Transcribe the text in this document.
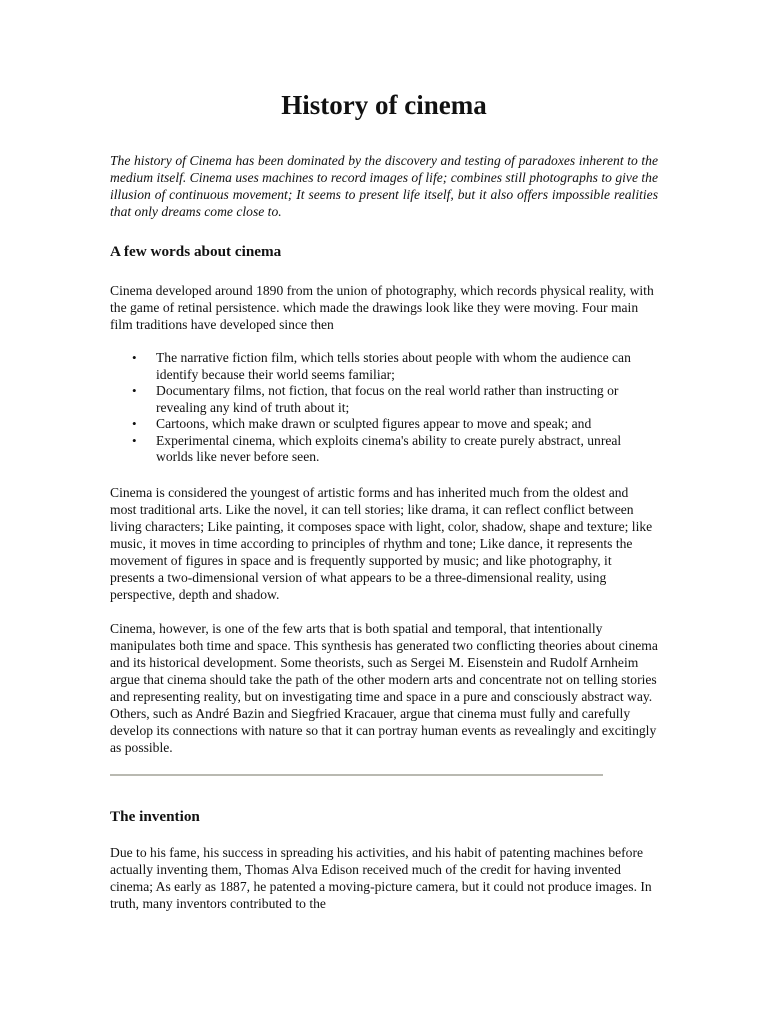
History of cinema

The history of Cinema has been dominated by the discovery and testing of paradoxes inherent to the medium itself. Cinema uses machines to record images of life; combines still photographs to give the illusion of continuous movement; It seems to present life itself, but it also offers impossible realities that only dreams come close to.

A few words about cinema

Cinema developed around 1890 from the union of photography, which records physical reality, with the game of retinal persistence. which made the drawings look like they were moving. Four main film traditions have developed since then

• The narrative fiction film, which tells stories about people with whom the audience can identify because their world seems familiar;
• Documentary films, not fiction, that focus on the real world rather than instructing or revealing any kind of truth about it;
• Cartoons, which make drawn or sculpted figures appear to move and speak; and
• Experimental cinema, which exploits cinema's ability to create purely abstract, unreal worlds like never before seen.

Cinema is considered the youngest of artistic forms and has inherited much from the oldest and most traditional arts. Like the novel, it can tell stories; like drama, it can reflect conflict between living characters; Like painting, it composes space with light, color, shadow, shape and texture; like music, it moves in time according to principles of rhythm and tone; Like dance, it represents the movement of figures in space and is frequently supported by music; and like photography, it presents a two-dimensional version of what appears to be a three-dimensional reality, using perspective, depth and shadow.

Cinema, however, is one of the few arts that is both spatial and temporal, that intentionally manipulates both time and space. This synthesis has generated two conflicting theories about cinema and its historical development. Some theorists, such as Sergei M. Eisenstein and Rudolf Arnheim argue that cinema should take the path of the other modern arts and concentrate not on telling stories and representing reality, but on investigating time and space in a pure and consciously abstract way. Others, such as André Bazin and Siegfried Kracauer, argue that cinema must fully and carefully develop its connections with nature so that it can portray human events as revealingly and excitingly as possible.

The invention

Due to his fame, his success in spreading his activities, and his habit of patenting machines before actually inventing them, Thomas Alva Edison received much of the credit for having invented cinema; As early as 1887, he patented a moving-picture camera, but it could not produce images. In truth, many inventors contributed to the
